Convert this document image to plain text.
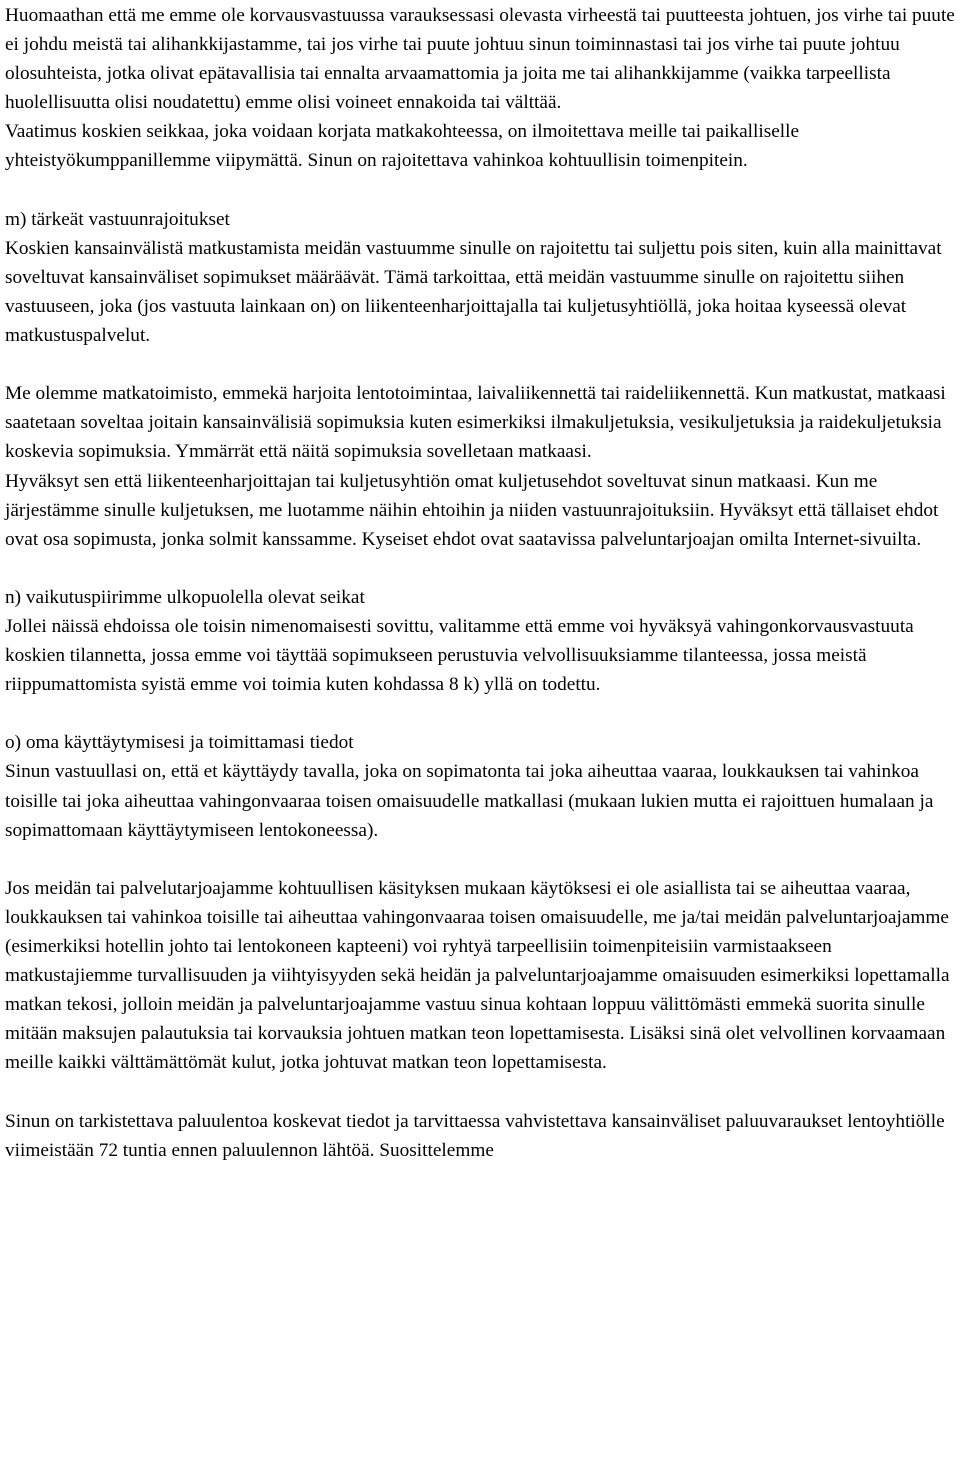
Huomaathan että me emme ole korvausvastuussa varauksessasi olevasta virheestä tai puutteesta johtuen, jos virhe tai puute ei johdu meistä tai alihankkijastamme, tai jos virhe tai puute johtuu sinun toiminnastasi tai jos virhe tai puute johtuu olosuhteista, jotka olivat epätavallisia tai ennalta arvaamattomia ja joita me tai alihankkijamme (vaikka tarpeellista huolellisuutta olisi noudatettu) emme olisi voineet ennakoida tai välttää.

Vaatimus koskien seikkaa, joka voidaan korjata matkakohteessa, on ilmoitettava meille tai paikalliselle yhteistyökumppanillemme viipymättä. Sinun on rajoitettava vahinkoa kohtuullisin toimenpitein.

m) tärkeät vastuunrajoitukset

Koskien kansainvälistä matkustamista meidän vastuumme sinulle on rajoitettu tai suljettu pois siten, kuin alla mainittavat soveltuvat kansainväliset sopimukset määräävät. Tämä tarkoittaa, että meidän vastuumme sinulle on rajoitettu siihen vastuuseen, joka (jos vastuuta lainkaan on) on liikenteenharjoittajalla tai kuljetusyhtiöllä, joka hoitaa kyseessä olevat matkustuspalvelut.

Me olemme matkatoimisto, emmekä harjoita lentotoimintaa, laivaliikennettä tai raideliikennettä. Kun matkustat, matkaasi saatetaan soveltaa joitain kansainvälisiä sopimuksia kuten esimerkiksi ilmakuljetuksia, vesikuljetuksia ja raidekuljetuksia koskevia sopimuksia. Ymmärrät että näitä sopimuksia sovelletaan matkaasi.

Hyväksyt sen että liikenteenharjoittajan tai kuljetusyhtiön omat kuljetusehdot soveltuvat sinun matkaasi. Kun me järjestämme sinulle kuljetuksen, me luotamme näihin ehtoihin ja niiden vastuunrajoituksiin. Hyväksyt että tällaiset ehdot ovat osa sopimusta, jonka solmit kanssamme. Kyseiset ehdot ovat saatavissa palveluntarjoajan omilta Internet-sivuilta.

n) vaikutuspiirimme ulkopuolella olevat seikat

Jollei näissä ehdoissa ole toisin nimenomaisesti sovittu, valitamme että emme voi hyväksyä vahingonkorvausvastuuta koskien tilannetta, jossa emme voi täyttää sopimukseen perustuvia velvollisuuksiamme tilanteessa, jossa meistä riippumattomista syistä emme voi toimia kuten kohdassa 8 k) yllä on todettu.

o) oma käyttäytymisesi ja toimittamasi tiedot

Sinun vastuullasi on, että et käyttäydy tavalla, joka on sopimatonta tai joka aiheuttaa vaaraa, loukkauksen tai vahinkoa toisille tai joka aiheuttaa vahingonvaaraa toisen omaisuudelle matkallasi (mukaan lukien mutta ei rajoittuen humalaan ja sopimattomaan käyttäytymiseen lentokoneessa).

Jos meidän tai palvelutarjoajamme kohtuullisen käsityksen mukaan käytöksesi ei ole asiallista tai se aiheuttaa vaaraa, loukkauksen tai vahinkoa toisille tai aiheuttaa vahingonvaaraa toisen omaisuudelle, me ja/tai meidän palveluntarjoajamme (esimerkiksi hotellin johto tai lentokoneen kapteeni) voi ryhtyä tarpeellisiin toimenpiteisiin varmistaakseen matkustajiemme turvallisuuden ja viihtyisyyden sekä heidän ja palveluntarjoajamme omaisuuden esimerkiksi lopettamalla matkan tekosi, jolloin meidän ja palveluntarjoajamme vastuu sinua kohtaan loppuu välittömästi emmekä suorita sinulle mitään maksujen palautuksia tai korvauksia johtuen matkan teon lopettamisesta. Lisäksi sinä olet velvollinen korvaamaan meille kaikki välttämättömät kulut, jotka johtuvat matkan teon lopettamisesta.

Sinun on tarkistettava paluulentoa koskevat tiedot ja tarvittaessa vahvistettava kansainväliset paluuvaraukset lentoyhtiölle viimeistään 72 tuntia ennen paluulennon lähtöä. Suosittelemme
